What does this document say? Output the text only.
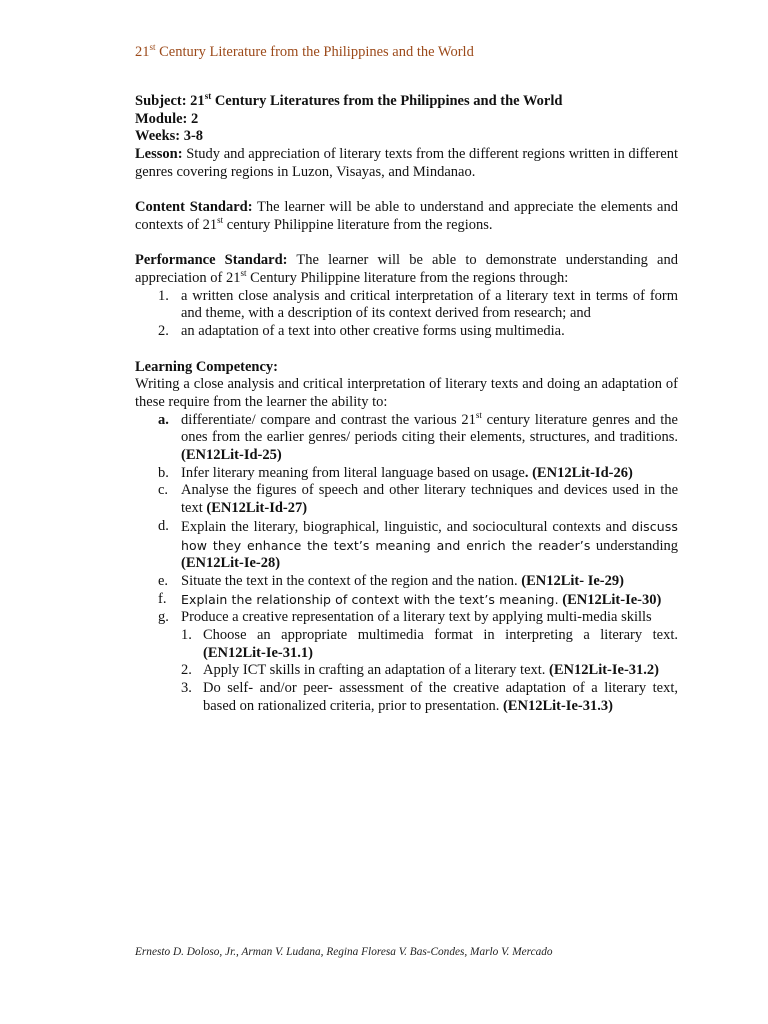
21st Century Literature from the Philippines and the World

Subject: 21st Century Literatures from the Philippines and the World

Module: 2

Weeks: 3-8

Lesson: Study and appreciation of literary texts from the different regions written in different genres covering regions in Luzon, Visayas, and Mindanao.

Content Standard: The learner will be able to understand and appreciate the elements and contexts of 21st century Philippine literature from the regions.

Performance Standard: The learner will be able to demonstrate understanding and appreciation of 21st Century Philippine literature from the regions through:

1. a written close analysis and critical interpretation of a literary text in terms of form and theme, with a description of its context derived from research; and
2. an adaptation of a text into other creative forms using multimedia.

Learning Competency:

Writing a close analysis and critical interpretation of literary texts and doing an adaptation of these require from the learner the ability to:

a. differentiate/ compare and contrast the various 21st century literature genres and the ones from the earlier genres/ periods citing their elements, structures, and traditions. (EN12Lit-Id-25)
b. Infer literary meaning from literal language based on usage. (EN12Lit-Id-26)
c. Analyse the figures of speech and other literary techniques and devices used in the text (EN12Lit-Id-27)
d. Explain the literary, biographical, linguistic, and sociocultural contexts and discuss how they enhance the text’s meaning and enrich the reader’s understanding (EN12Lit-Ie-28)
e. Situate the text in the context of the region and the nation. (EN12Lit- Ie-29)
f. Explain the relationship of context with the text’s meaning. (EN12Lit-Ie-30)
g. Produce a creative representation of a literary text by applying multi-media skills
1. Choose an appropriate multimedia format in interpreting a literary text. (EN12Lit-Ie-31.1)
2. Apply ICT skills in crafting an adaptation of a literary text. (EN12Lit-Ie-31.2)
3. Do self- and/or peer- assessment of the creative adaptation of a literary text, based on rationalized criteria, prior to presentation. (EN12Lit-Ie-31.3)
Ernesto D. Doloso, Jr., Arman V. Ludana, Regina Floresa V. Bas-Condes, Marlo V. Mercado
